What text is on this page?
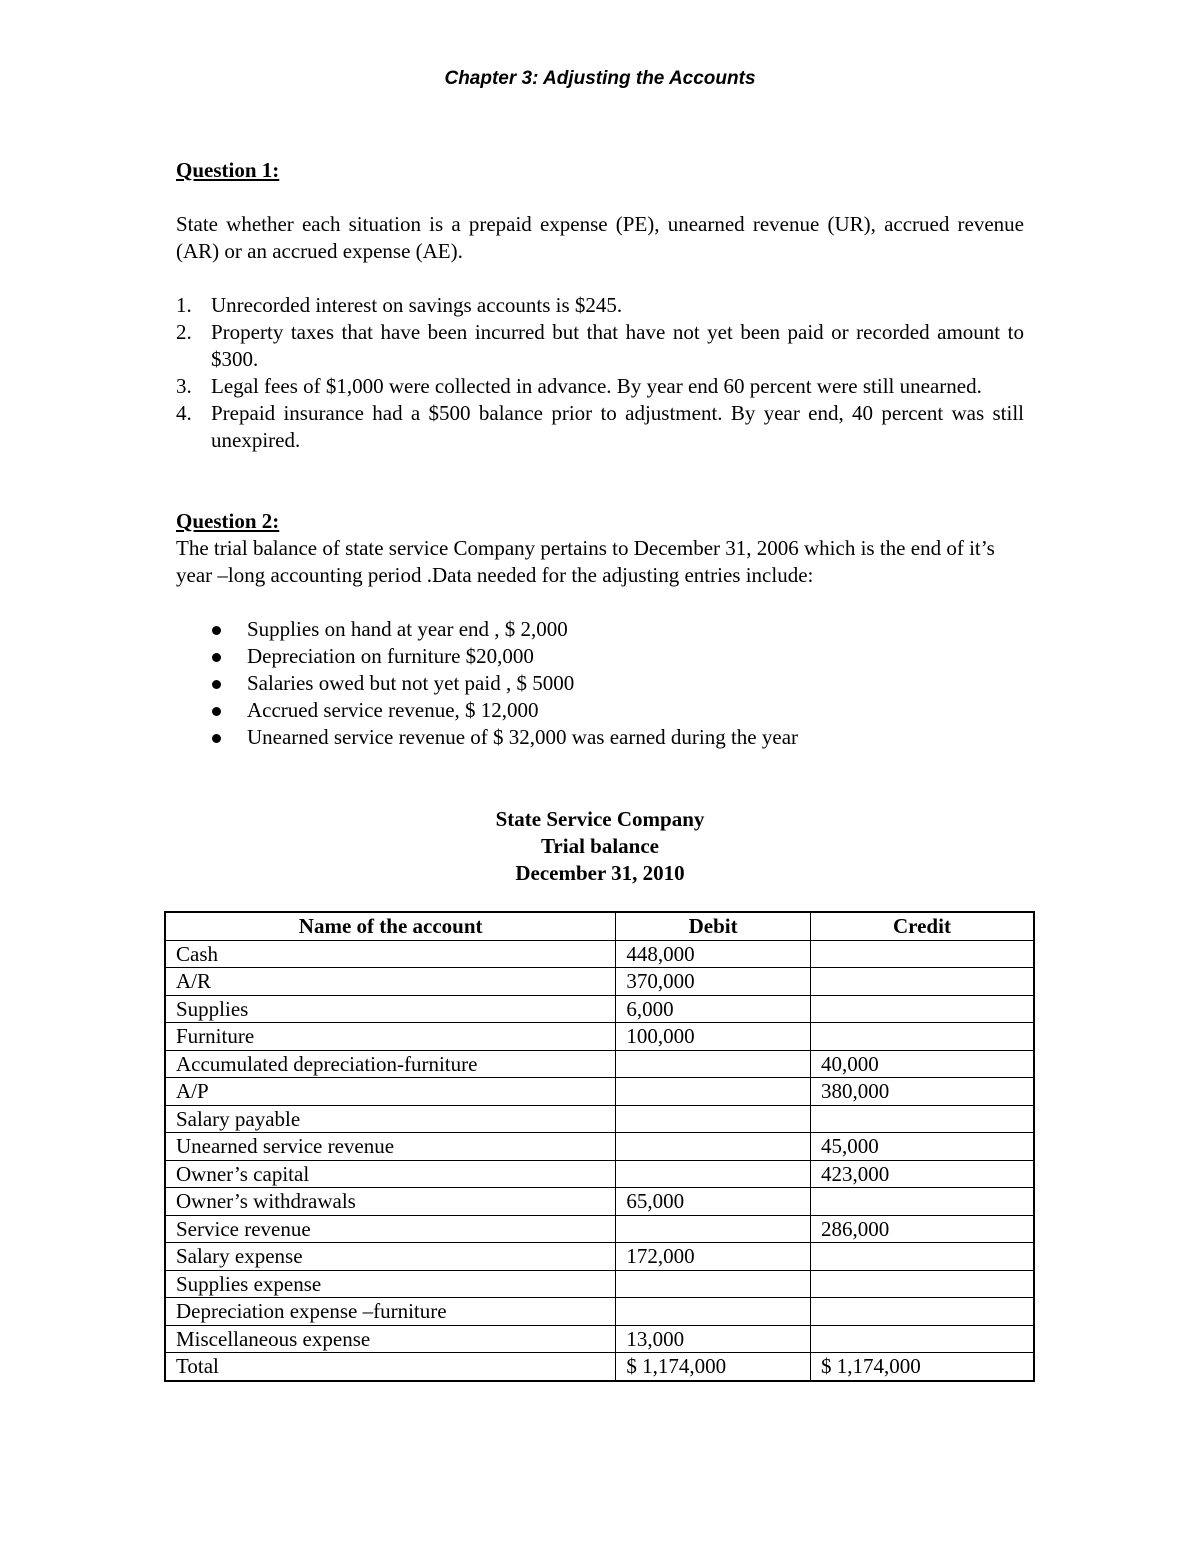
Chapter 3: Adjusting the Accounts

Question 1:

State whether each situation is a prepaid expense (PE), unearned revenue (UR), accrued revenue (AR) or an accrued expense (AE).

1. Unrecorded interest on savings accounts is $245.
2. Property taxes that have been incurred but that have not yet been paid or recorded amount to $300.
3. Legal fees of $1,000 were collected in advance. By year end 60 percent were still unearned.
4. Prepaid insurance had a $500 balance prior to adjustment. By year end, 40 percent was still unexpired.

Question 2:

The trial balance of state service Company pertains to December 31, 2006 which is the end of it’s year –long accounting period .Data needed for the adjusting entries include:

Supplies on hand at year end , $ 2,000
Depreciation on furniture $20,000
Salaries owed but not yet paid , $ 5000
Accrued service revenue, $ 12,000
Unearned service revenue of $ 32,000 was earned during the year
State Service Company
Trial balance
December 31, 2010
Name of the account	Debit	Credit
Cash	448,000	
A/R	370,000	
Supplies	6,000	
Furniture	100,000	
Accumulated depreciation-furniture		40,000
A/P		380,000
Salary payable		
Unearned service revenue		45,000
Owner’s capital		423,000
Owner’s withdrawals	65,000	
Service revenue		286,000
Salary expense	172,000	
Supplies expense		
Depreciation expense –furniture		
Miscellaneous expense	13,000	
Total	$ 1,174,000	$ 1,174,000
